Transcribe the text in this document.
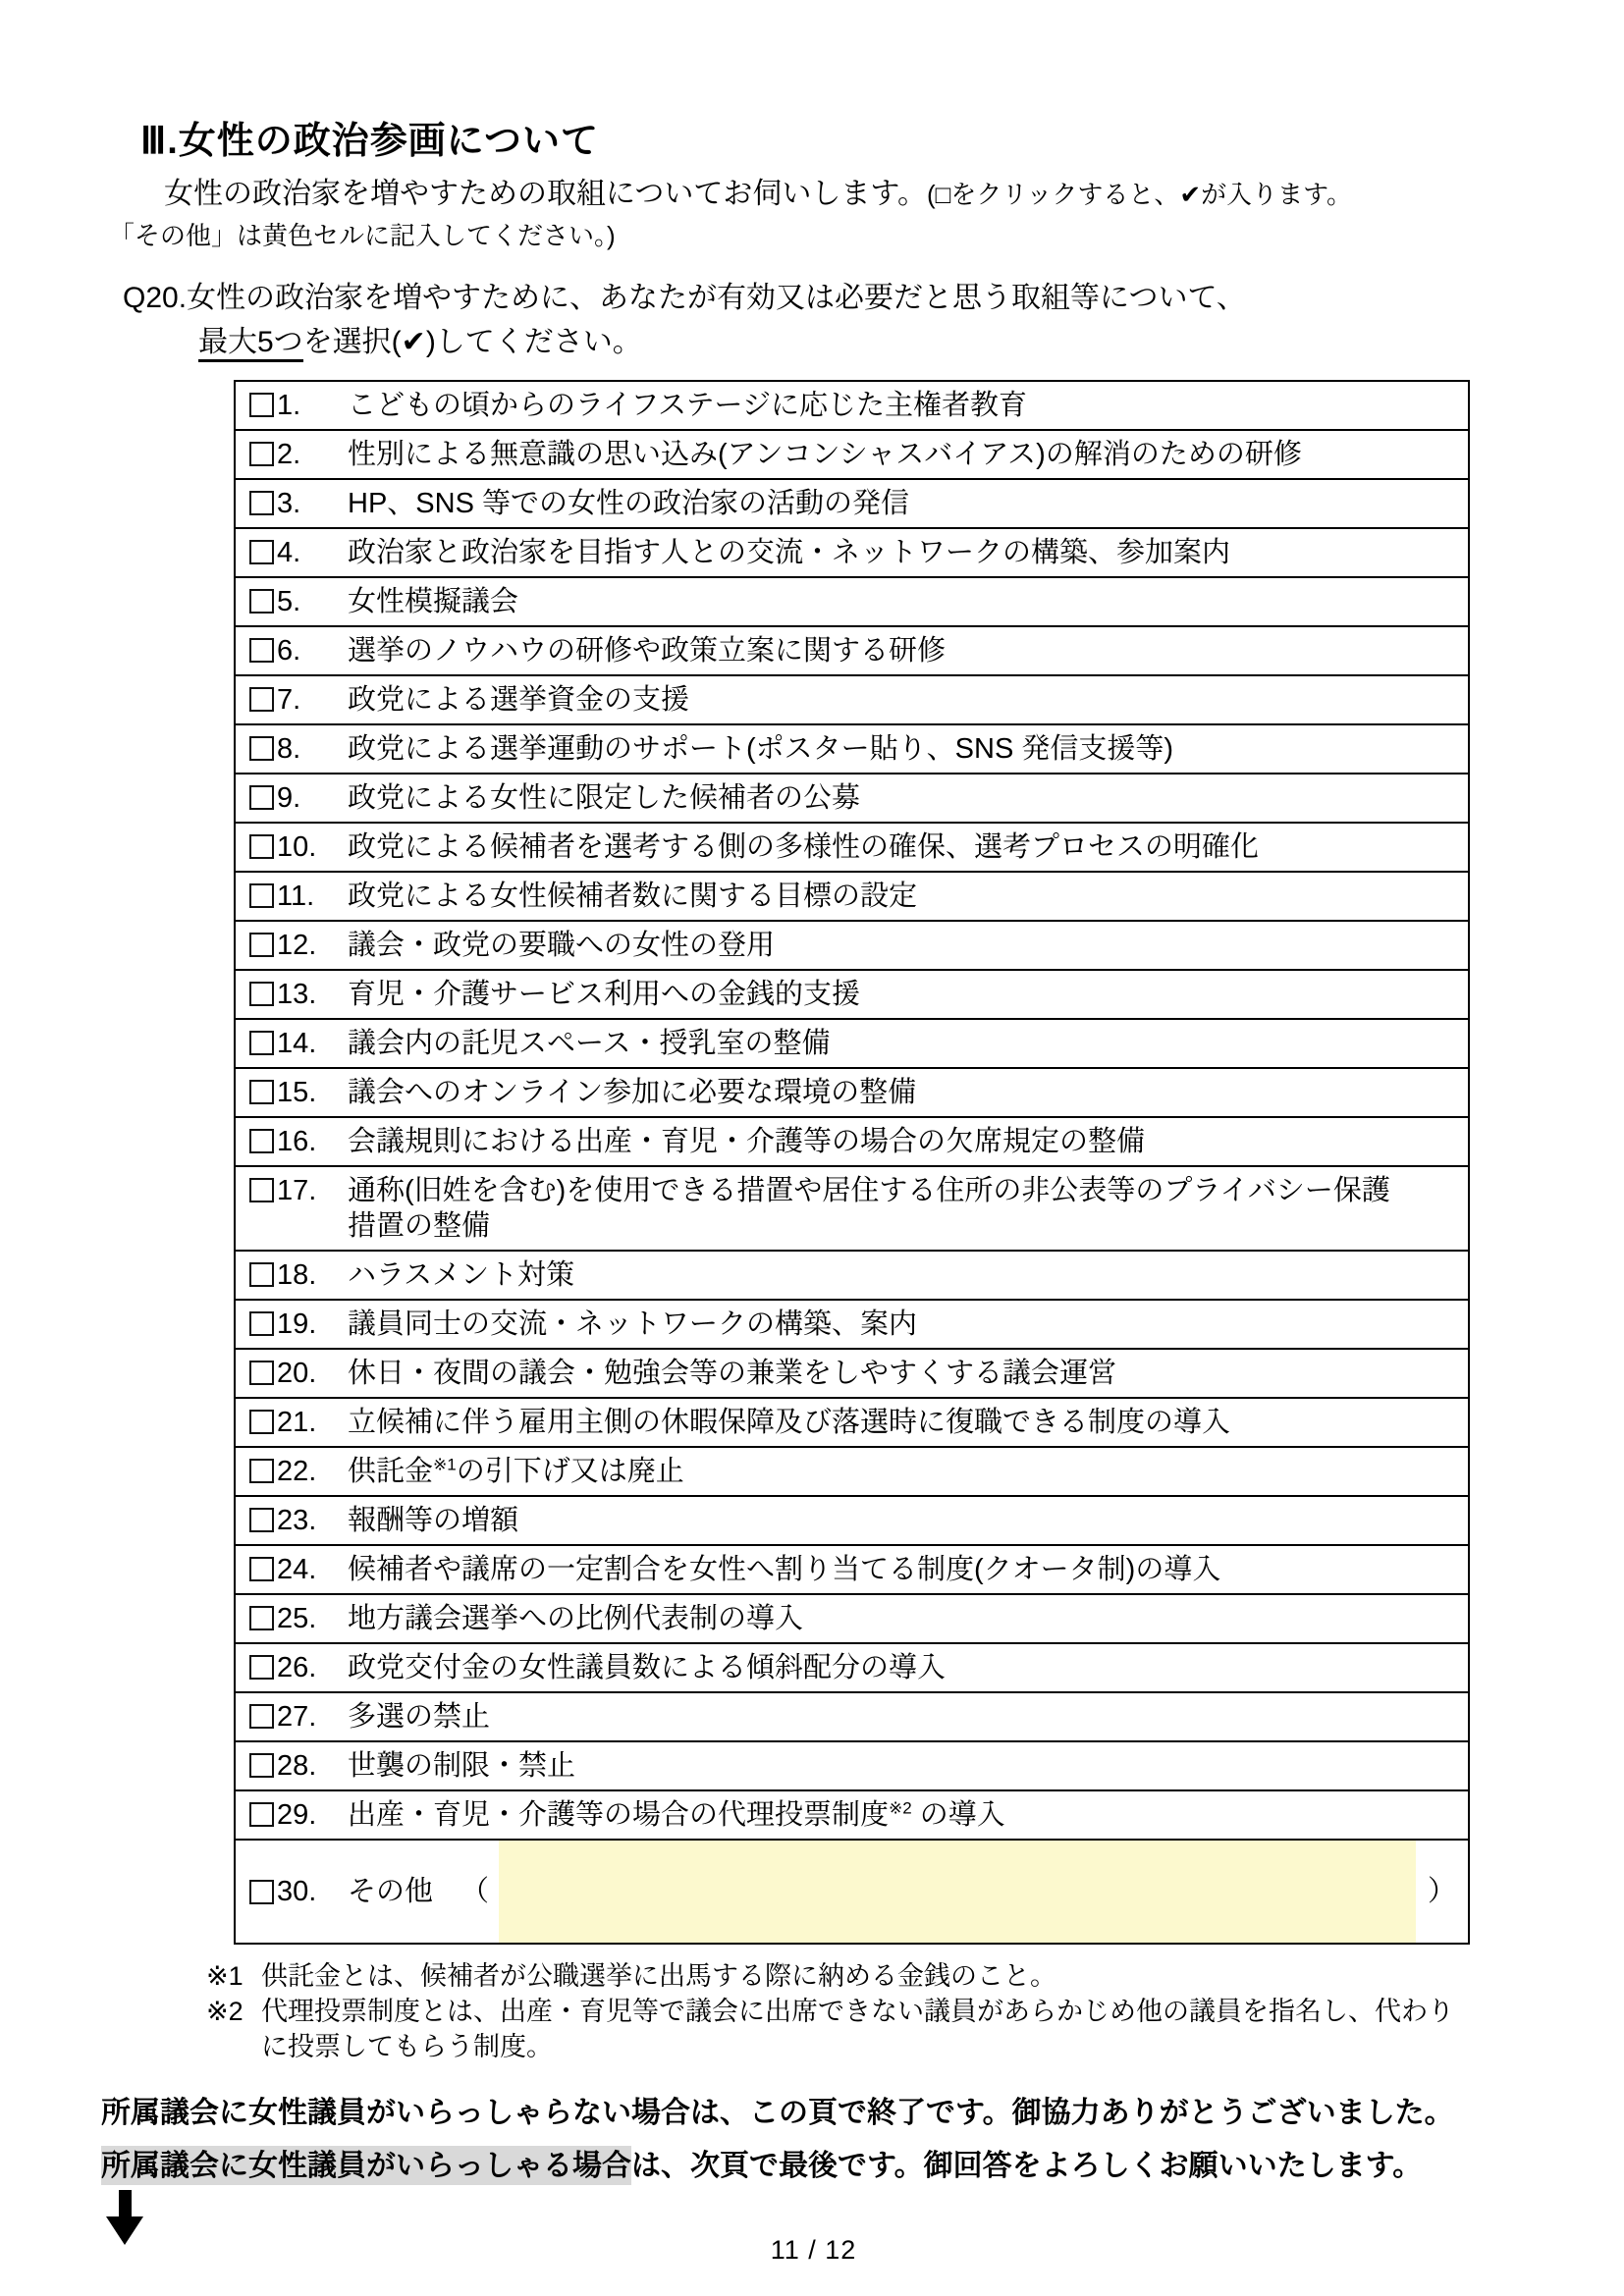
Ⅲ.女性の政治参画について

女性の政治家を増やすための取組についてお伺いします。(□をクリックすると、✔が入ります。
「その他」は黄色セルに記入してください。)

Q20.女性の政治家を増やすために、あなたが有効又は必要だと思う取組等について、
最大5つを選択(✔)してください。
1. こどもの頃からのライフステージに応じた主権者教育
2. 性別による無意識の思い込み(アンコンシャスバイアス)の解消のための研修
3. HP、SNS 等での女性の政治家の活動の発信
4. 政治家と政治家を目指す人との交流・ネットワークの構築、参加案内
5. 女性模擬議会
6. 選挙のノウハウの研修や政策立案に関する研修
7. 政党による選挙資金の支援
8. 政党による選挙運動のサポート(ポスター貼り、SNS 発信支援等)
9. 政党による女性に限定した候補者の公募
10. 政党による候補者を選考する側の多様性の確保、選考プロセスの明確化
11. 政党による女性候補者数に関する目標の設定
12. 議会・政党の要職への女性の登用
13. 育児・介護サービス利用への金銭的支援
14. 議会内の託児スペース・授乳室の整備
15. 議会へのオンライン参加に必要な環境の整備
16. 会議規則における出産・育児・介護等の場合の欠席規定の整備
17. 通称(旧姓を含む)を使用できる措置や居住する住所の非公表等のプライバシー保護
措置の整備
18. ハラスメント対策
19. 議員同士の交流・ネットワークの構築、案内
20. 休日・夜間の議会・勉強会等の兼業をしやすくする議会運営
21. 立候補に伴う雇用主側の休暇保障及び落選時に復職できる制度の導入
22. 供託金$^{※1}$の引下げ又は廃止
23. 報酬等の増額
24. 候補者や議席の一定割合を女性へ割り当てる制度(クオータ制)の導入
25. 地方議会選挙への比例代表制の導入
26. 政党交付金の女性議員数による傾斜配分の導入
27. 多選の禁止
28. 世襲の制限・禁止
29. 出産・育児・介護等の場合の代理投票制度$^{※2}$ の導入
30. その他 （	）
※1 供託金とは、候補者が公職選挙に出馬する際に納める金銭のこと。
※2 代理投票制度とは、出産・育児等で議会に出席できない議員があらかじめ他の議員を指名し、代わり
に投票してもらう制度。
所属議会に女性議員がいらっしゃらない場合は、この頁で終了です。御協力ありがとうございました。
所属議会に女性議員がいらっしゃる場合は、次頁で最後です。御回答をよろしくお願いいたします。
11 / 12
